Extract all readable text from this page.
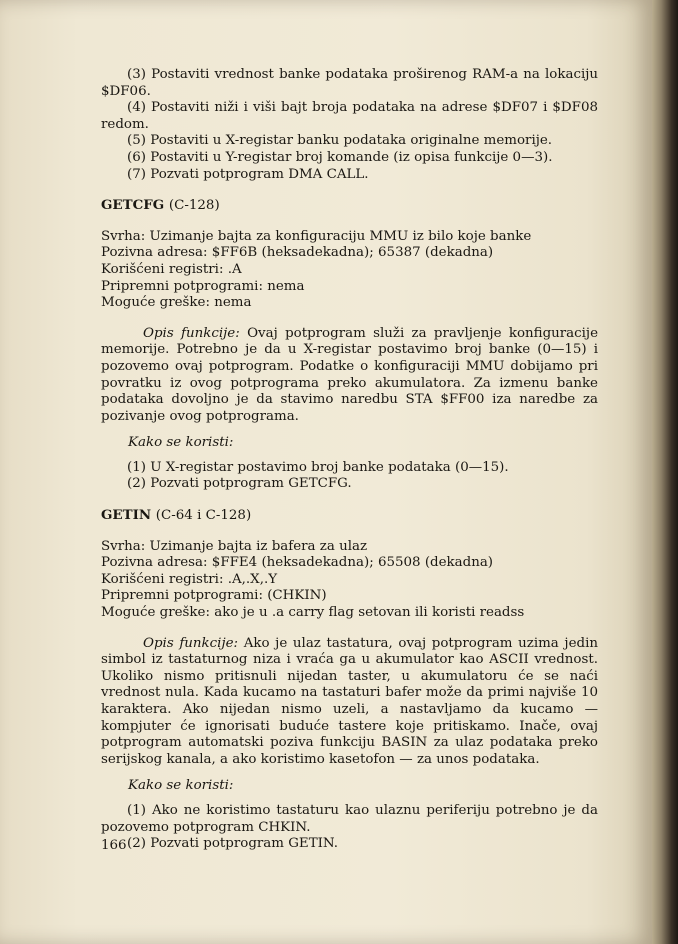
(3) Postaviti vrednost banke podataka proširenog RAM-a na lokaciju $DF06.

(4) Postaviti niži i viši bajt broja podataka na adrese $DF07 i $DF08 redom.

(5) Postaviti u X-registar banku podataka originalne memorije.

(6) Postaviti u Y-registar broj komande (iz opisa funkcije 0—3).

(7) Pozvati potprogram DMA CALL.

GETCFG (C-128)

Svrha: Uzimanje bajta za konfiguraciju MMU iz bilo koje banke

Pozivna adresa: $FF6B (heksadekadna); 65387 (dekadna)

Korišćeni registri: .A

Pripremni potprogrami: nema

Moguće greške: nema

Opis funkcije: Ovaj potprogram služi za pravljenje konfiguracije memorije. Potrebno je da u X-registar postavimo broj banke (0—15) i pozovemo ovaj potprogram. Podatke o konfiguraciji MMU dobijamo pri povratku iz ovog potprograma preko akumulatora. Za izmenu banke podataka dovoljno je da stavimo naredbu STA $FF00 iza naredbe za pozivanje ovog potprograma.

Kako se koristi:

(1) U X-registar postavimo broj banke podataka (0—15).

(2) Pozvati potprogram GETCFG.

GETIN (C-64 i C-128)

Svrha: Uzimanje bajta iz bafera za ulaz

Pozivna adresa: $FFE4 (heksadekadna); 65508 (dekadna)

Korišćeni registri: .A,.X,.Y

Pripremni potprogrami: (CHKIN)

Moguće greške: ako je u .a carry flag setovan ili koristi readss

Opis funkcije: Ako je ulaz tastatura, ovaj potprogram uzima jedin simbol iz tastaturnog niza i vraća ga u akumulator kao ASCII vrednost. Ukoliko nismo pritisnuli nijedan taster, u akumulatoru će se naći vrednost nula. Kada kucamo na tastaturi bafer može da primi najviše 10 karaktera. Ako nijedan nismo uzeli, a nastavljamo da kucamo — kompjuter će ignorisati buduće tastere koje pritiskamo. Inače, ovaj potprogram automatski poziva funkciju BASIN za ulaz podataka preko serijskog kanala, a ako koristimo kasetofon — za unos podataka.

Kako se koristi:

(1) Ako ne koristimo tastaturu kao ulaznu periferiju potrebno je da pozovemo potprogram CHKIN.

(2) Pozvati potprogram GETIN.

166
